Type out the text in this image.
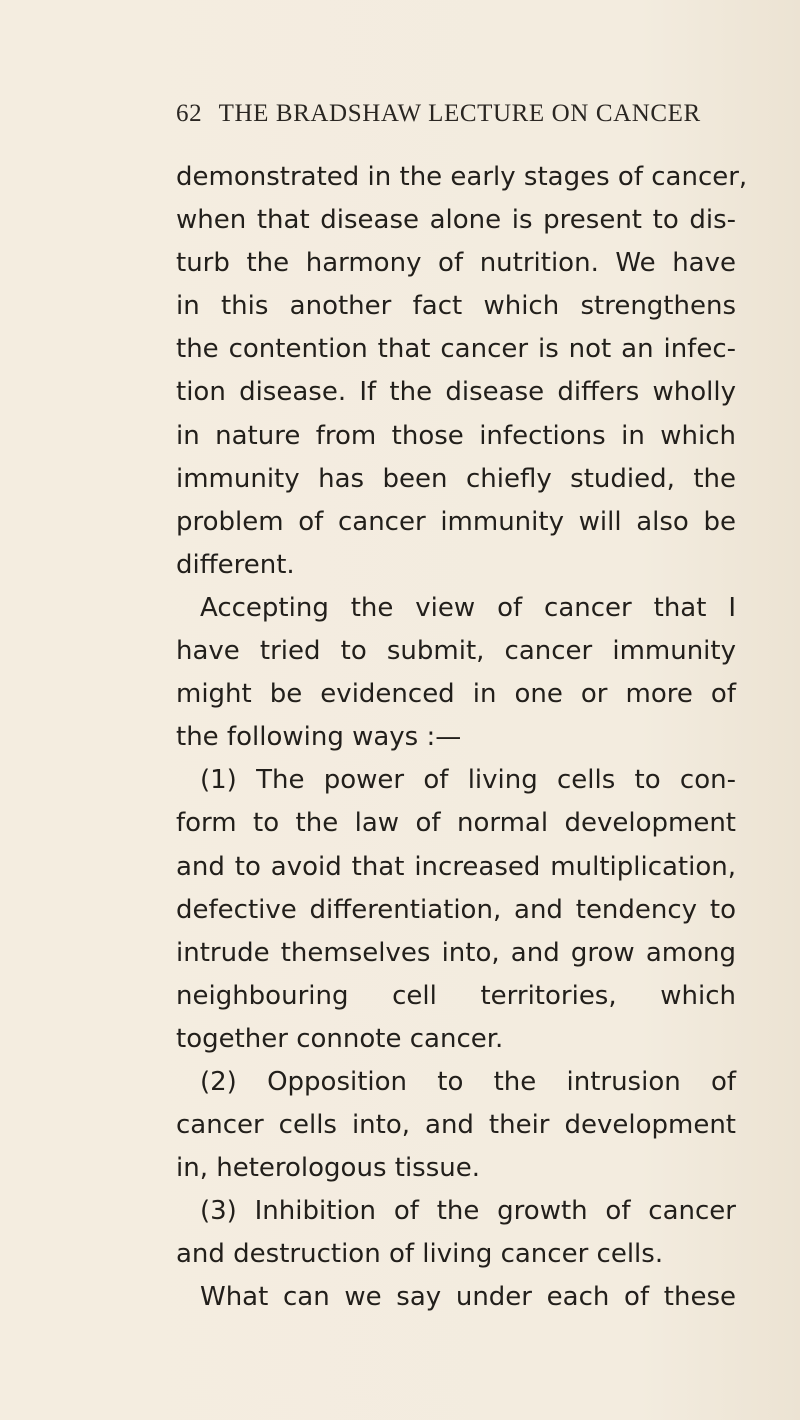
62 THE BRADSHAW LECTURE ON CANCER
demonstrated in the early stages of cancer,
when that disease alone is present to dis-
turb the harmony of nutrition. We have
in this another fact which strengthens
the contention that cancer is not an infec-
tion disease. If the disease differs wholly
in nature from those infections in which
immunity has been chiefly studied, the
problem of cancer immunity will also be
different.
Accepting the view of cancer that I
have tried to submit, cancer immunity
might be evidenced in one or more of
the following ways :—
(1) The power of living cells to con-
form to the law of normal development
and to avoid that increased multiplication,
defective differentiation, and tendency to
intrude themselves into, and grow among
neighbouring cell territories, which
together connote cancer.
(2) Opposition to the intrusion of
cancer cells into, and their development
in, heterologous tissue.
(3) Inhibition of the growth of cancer
and destruction of living cancer cells.
What can we say under each of these
